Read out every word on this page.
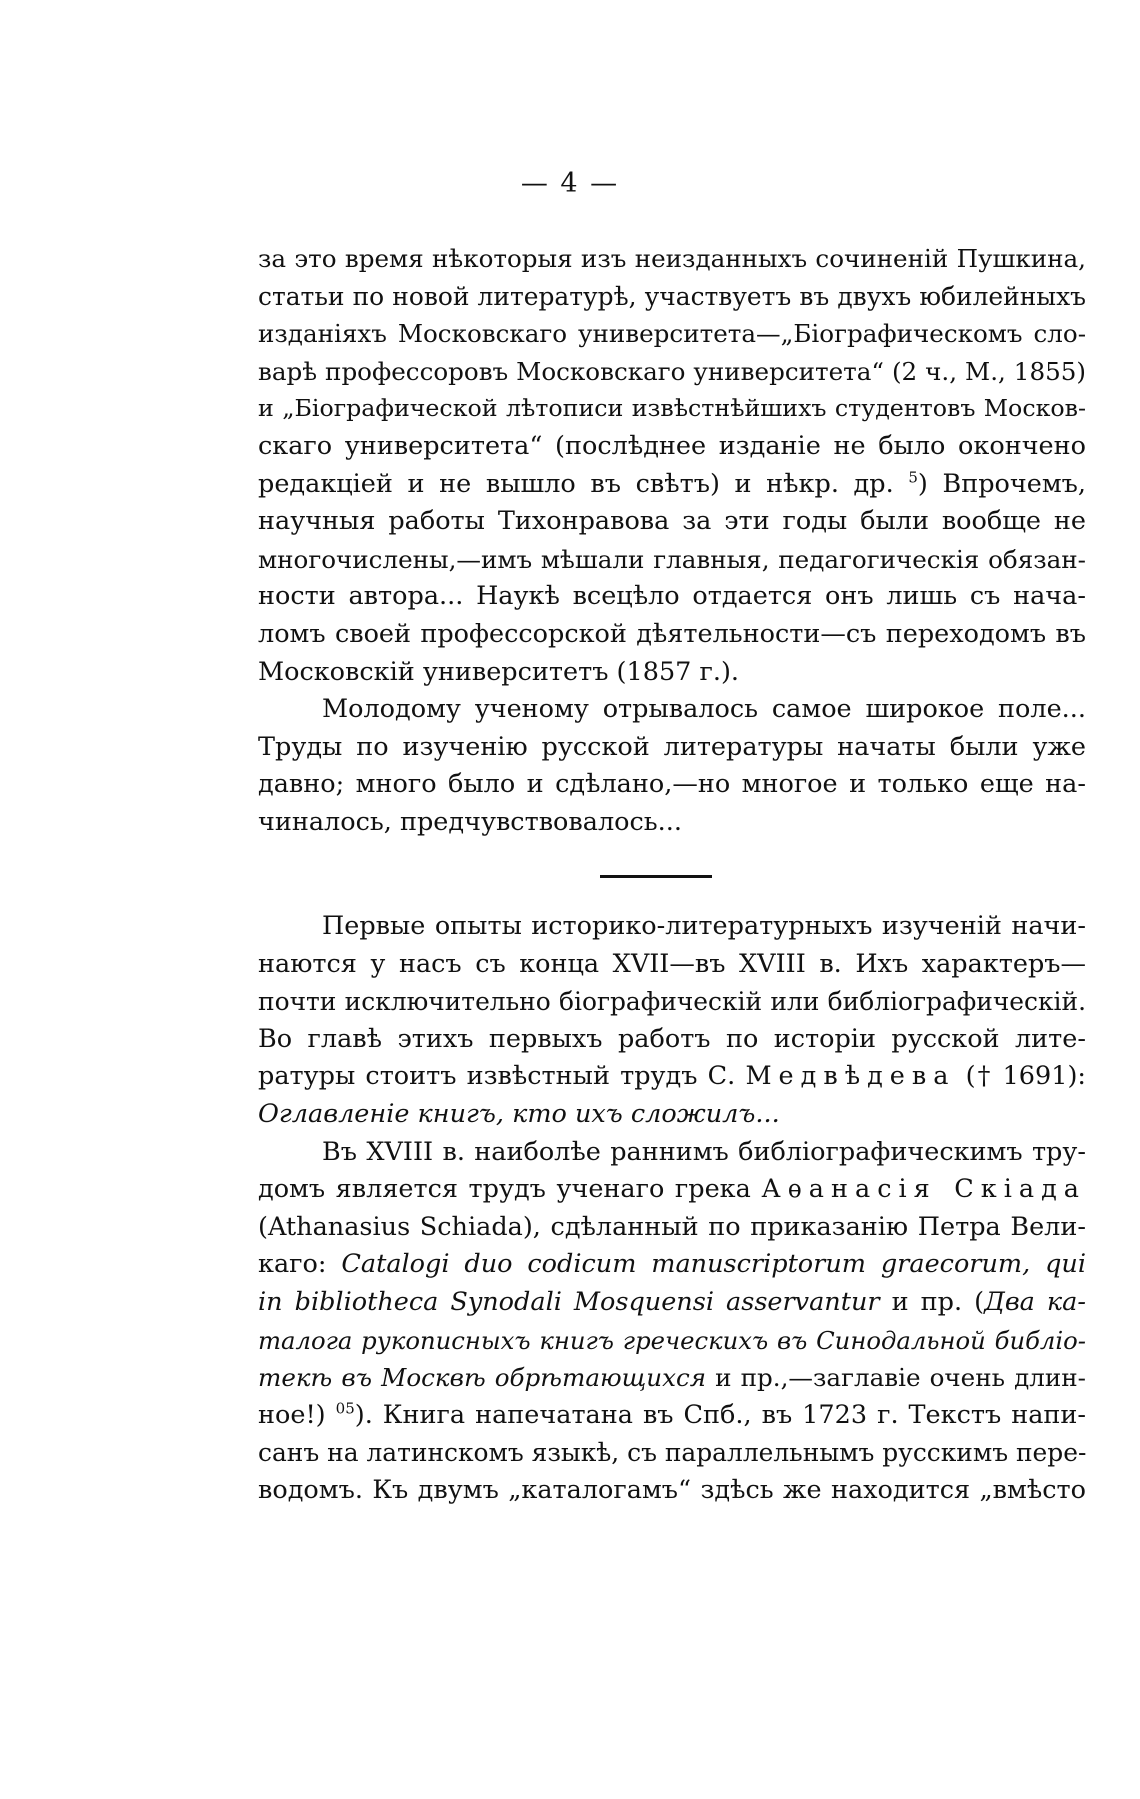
— 4 —
за это время нѣкоторыя изъ неизданныхъ сочиненій Пушкина,
статьи по новой литературѣ, участвуетъ въ двухъ юбилейныхъ
изданіяхъ Московскаго университета—„Біографическомъ сло-
варѣ профессоровъ Московскаго университета“ (2 ч., М., 1855)
и „Біографической лѣтописи извѣстнѣйшихъ студентовъ Москов-
скаго университета“ (послѣднее изданіе не было окончено
редакціей и не вышло въ свѣтъ) и нѣкр. др. $^5$) Впрочемъ,
научныя работы Тихонравова за эти годы были вообще не
многочислены,—имъ мѣшали главныя, педагогическія обязан-
ности автора... Наукѣ всецѣло отдается онъ лишь съ нача-
ломъ своей профессорской дѣятельности—съ переходомъ въ
Московскій университетъ (1857 г.).
Молодому ученому отрывалось самое широкое поле...
Труды по изученію русской литературы начаты были уже
давно; много было и сдѣлано,—но многое и только еще на-
чиналось, предчувствовалось...
Первые опыты историко-литературныхъ изученій начи-
наются у насъ съ конца XVII—въ XVIII в. Ихъ характеръ—
почти исключительно біографическій или библіографическій.
Во главѣ этихъ первыхъ работъ по исторіи русской лите-
ратуры стоитъ извѣстный трудъ С. Медвѣдева († 1691):
Оглавленіе книгъ, кто ихъ сложилъ...
Въ XVIII в. наиболѣе раннимъ библіографическимъ тру-
домъ является трудъ ученаго грека Аѳанасія Скіада
(Athanasius Schiada), сдѣланный по приказанію Петра Вели-
каго: Catalogi duo codicum manuscriptorum graecorum, qui
in bibliotheca Synodali Mosquensi asservantur и пр. (Два ка-
талога рукописныхъ книгъ греческихъ въ Синодальной библіо-
текѣ въ Москвѣ обрѣтающихся и пр.,—заглавіе очень длин-
ное!) $^{05}$). Книга напечатана въ Спб., въ 1723 г. Текстъ напи-
санъ на латинскомъ языкѣ, съ параллельнымъ русскимъ пере-
водомъ. Къ двумъ „каталогамъ“ здѣсь же находится „вмѣсто
